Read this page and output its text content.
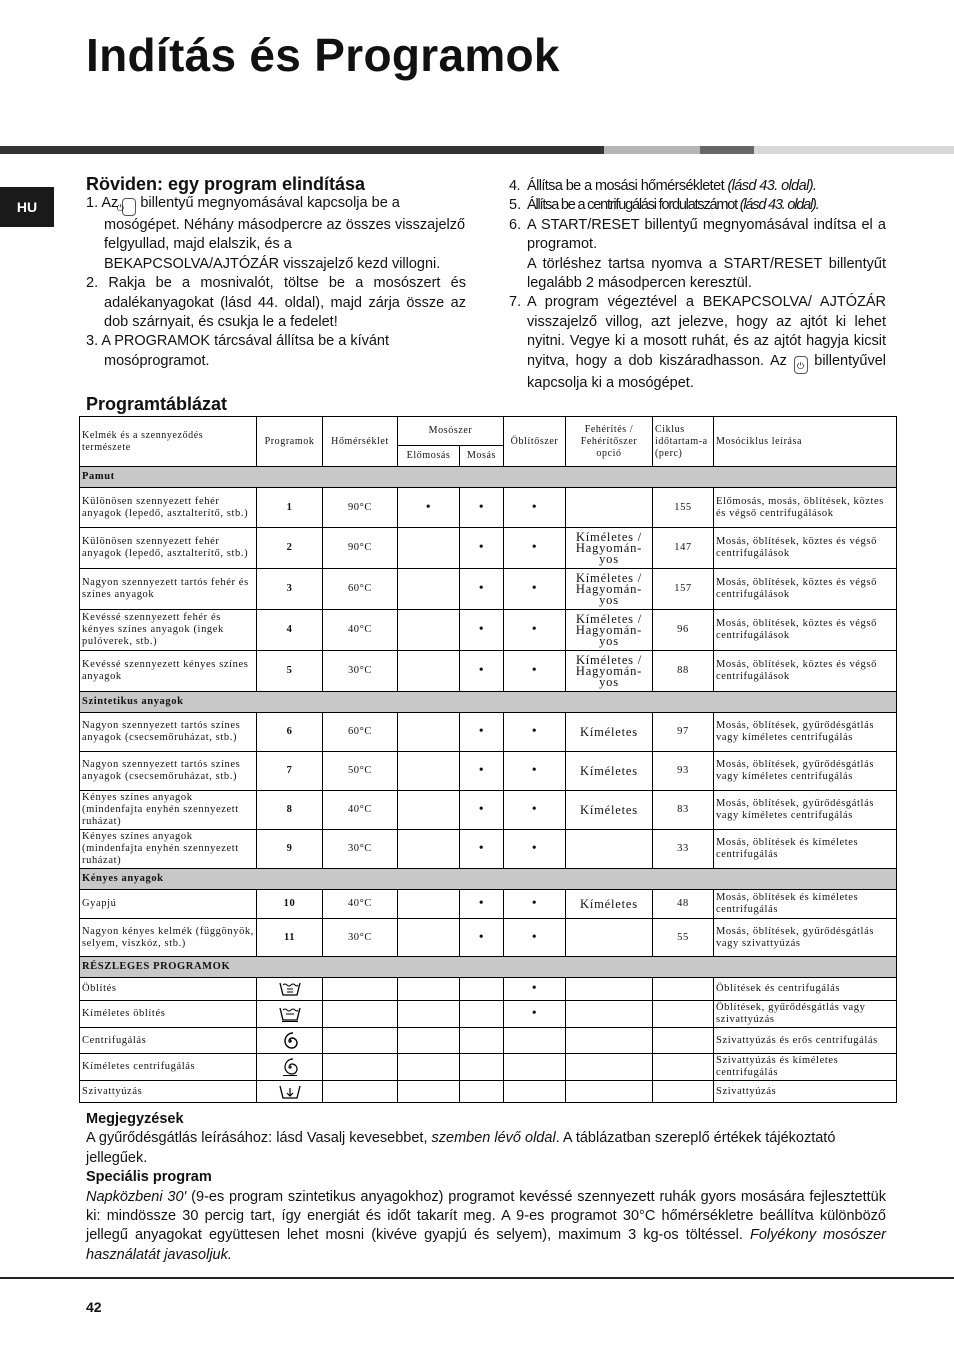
Indítás és Programok
HU
Röviden: egy program elindítása

1. Az ⏻ billentyű megnyomásával kapcsolja be a mosógépet. Néhány másodpercre az összes visszajelző felgyullad, majd elalszik, és a BEKAPCSOLVA/AJTÓZÁR visszajelző kezd villogni.

2. Rakja be a mosnivalót, töltse be a mosószert és adalékanyagokat (lásd 44. oldal), majd zárja össze az dob szárnyait, és csukja le a fedelet!

3. A PROGRAMOK tárcsával állítsa be a kívánt mosóprogramot.

4. Állítsa be a mosási hőmérsékletet (lásd 43. oldal).
5. Állítsa be a centrifugálási fordulatszámot (lásd 43. oldal).
6. A START/RESET billentyű megnyomásával indítsa el a programot.
A törléshez tartsa nyomva a START/RESET billentyűt legalább 2 másodpercen keresztül.
7. A program végeztével a BEKAPCSOLVA/ AJTÓZÁR visszajelző villog, azt jelezve, hogy az ajtót ki lehet nyitni. Vegye ki a mosott ruhát, és az ajtót hagyja kicsit nyitva, hogy a dob kiszáradhasson. Az ⏻ billentyűvel kapcsolja ki a mosógépet.
Programtáblázat
Kelmék és a szennyeződés természete	Programok	Hőmérséklet	Mosószer		Öblítőszer	Fehérítés / Fehérítőszer opció	Ciklus időtartam-a (perc)	Mosóciklus leírása
			Előmosás	Mosás				
Pamut								
Különösen szennyezett fehér anyagok (lepedő, asztalterítő, stb.)	1	90°C	•	•	•		155	Előmosás, mosás, öblítések, köztes és végső centrifugálások
Különösen szennyezett fehér anyagok (lepedő, asztalterítő, stb.)	2	90°C		•	•	Kíméletes / Hagyomán-yos	147	Mosás, öblítések, köztes és végső centrifugálások
Nagyon szennyezett tartós fehér és színes anyagok	3	60°C		•	•	Kíméletes / Hagyomán-yos	157	Mosás, öblítések, köztes és végső centrifugálások
Kevéssé szennyezett fehér és kényes színes anyagok (ingek pulóverek, stb.)	4	40°C		•	•	Kíméletes / Hagyomán-yos	96	Mosás, öblítések, köztes és végső centrifugálások
Kevéssé szennyezett kényes színes anyagok	5	30°C		•	•	Kíméletes / Hagyomán-yos	88	Mosás, öblítések, köztes és végső centrifugálások
Szintetikus anyagok								
Nagyon szennyezett tartós színes anyagok (csecsemőruházat, stb.)	6	60°C		•	•	Kíméletes	97	Mosás, öblítések, gyűrődésgátlás vagy kíméletes centrifugálás
Nagyon szennyezett tartós színes anyagok (csecsemőruházat, stb.)	7	50°C		•	•	Kíméletes	93	Mosás, öblítések, gyűrődésgátlás vagy kíméletes centrifugálás
Kényes színes anyagok (mindenfajta enyhén szennyezett ruházat)	8	40°C		•	•	Kíméletes	83	Mosás, öblítések, gyűrődésgátlás vagy kíméletes centrifugálás
Kényes színes anyagok (mindenfajta enyhén szennyezett ruházat)	9	30°C		•	•		33	Mosás, öblítések és kíméletes centrifugálás
Kényes anyagok								
Gyapjú	10	40°C		•	•	Kíméletes	48	Mosás, öblítések és kíméletes centrifugálás
Nagyon kényes kelmék (függönyök, selyem, viszkóz, stb.)	11	30°C		•	•		55	Mosás, öblítések, gyűrődésgátlás vagy szivattyúzás
RÉSZLEGES PROGRAMOK								
Öblítés					•			Öblítések és centrifugálás
Kíméletes öblítés					•			Öblítések, gyűrődésgátlás vagy szivattyúzás
Centrifugálás								Szivattyúzás és erős centrifugálás
Kíméletes centrifugálás								Szivattyúzás és kíméletes centrifugálás
Szivattyúzás								Szivattyúzás

Megjegyzések

A gyűrődésgátlás leírásához: lásd Vasalj kevesebbet, szemben lévő oldal. A táblázatban szereplő értékek tájékoztató jellegűek.

Speciális program

Napközbeni 30' (9-es program szintetikus anyagokhoz) programot kevéssé szennyezett ruhák gyors mosására fejlesztettük ki: mindössze 30 percig tart, így energiát és időt takarít meg. A 9-es programot 30°C hőmérsékletre beállítva különböző jellegű anyagokat együttesen lehet mosni (kivéve gyapjú és selyem), maximum 3 kg-os töltéssel. Folyékony mosószer használatát javasoljuk.

42
